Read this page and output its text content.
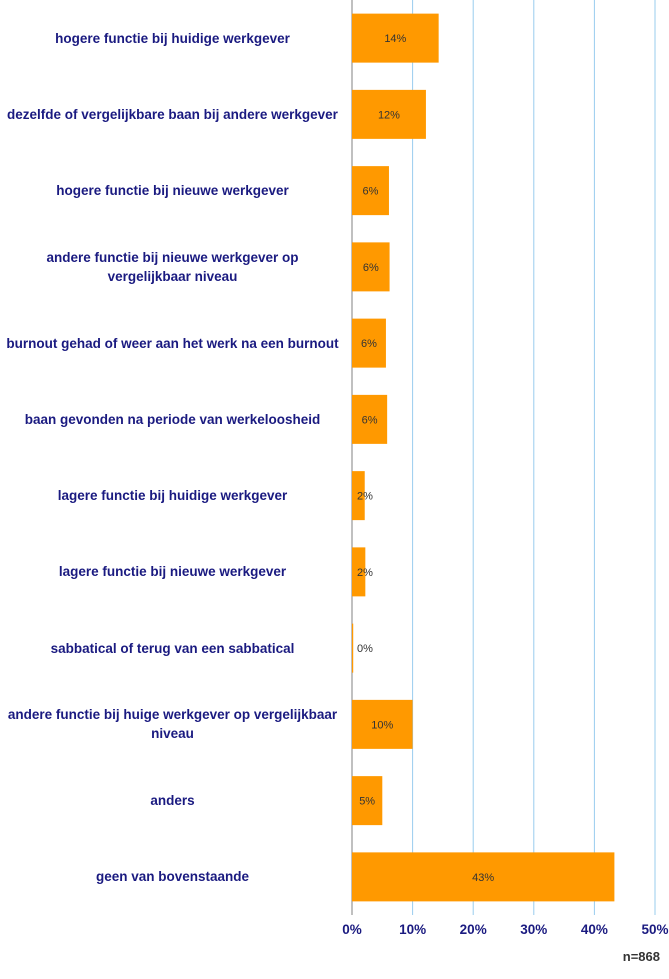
14%
12%
6%
6%
6%
6%
2%
2%
0%
10%
5%
43%
0%	10% 20% 30% 40% 50%
hogere functie bij huidige werkgever
dezelfde of vergelijkbare baan bij andere werkgever
hogere functie bij nieuwe werkgever
andere functie bij nieuwe werkgever op vergelijkbaar niveau
burnout gehad of weer aan het werk na een burnout
baan gevonden na periode van werkeloosheid
lagere functie bij huidige werkgever
lagere functie bij nieuwe werkgever
sabbatical of terug van een sabbatical
andere functie bij huige werkgever op vergelijkbaar niveau
anders
geen van bovenstaande
n=868
